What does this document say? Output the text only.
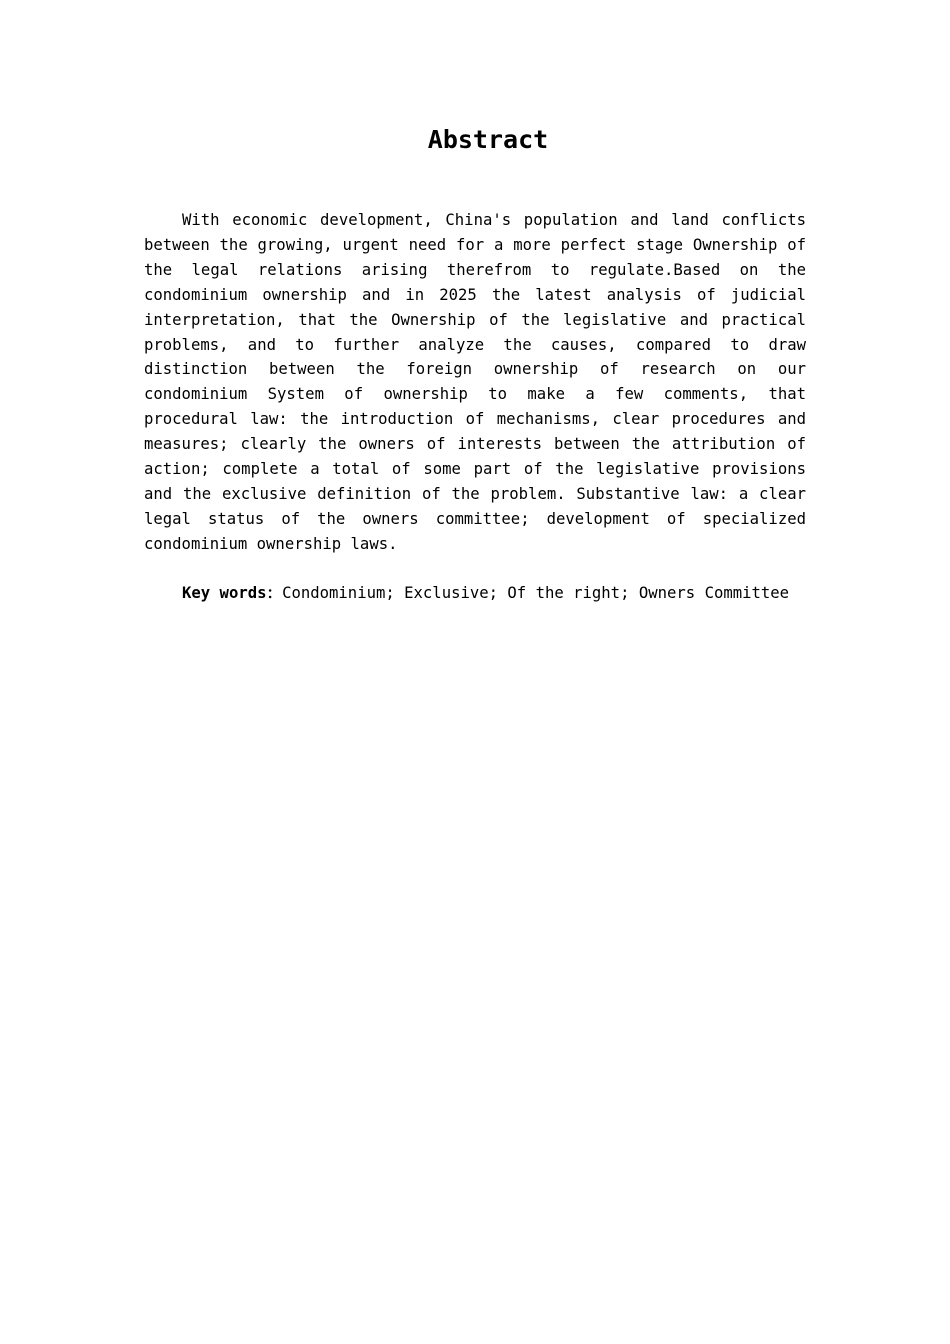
Abstract

With economic development, China's population and land conflicts between the growing, urgent need for a more perfect stage Ownership of the legal relations arising therefrom to regulate.Based on the condominium ownership and in 2025 the latest analysis of judicial interpretation, that the Ownership of the legislative and practical problems, and to further analyze the causes, compared to draw distinction between the foreign ownership of research on our condominium System of ownership to make a few comments, that procedural law: the introduction of mechanisms, clear procedures and measures; clearly the owners of interests between the attribution of action; complete a total of some part of the legislative provisions and the exclusive definition of the problem. Substantive law: a clear legal status of the owners committee; development of specialized condominium ownership laws.

Key words：Condominium; Exclusive; Of the right; Owners Committee
